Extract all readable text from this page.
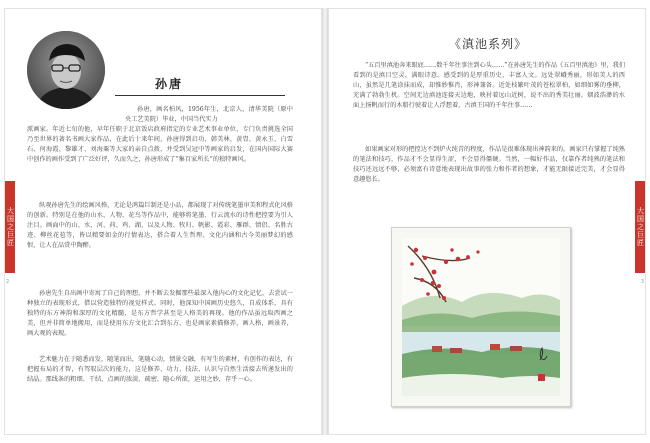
大国之巨匠
2
孙唐
孙唐，画名柏风，1956年生，北京人，清华美院（原中央工艺美院）毕业，中国当代实力
派画家。年近七旬的他，早年任职于北京饭店政府指定的专业艺术事业单位，专门负责挑选全国乃至世界的著名书画大家作品，在此后十来年间，孙唐得到启功、韩美林、黄胄、黄永玉、白雪石、何海霞、黎雄才、刘海粟等大家的亲自点拨，并受到吴冠中等画家的启发，在国内国际大赛中创作的画作受到了广泛好评，久而久之，孙唐形成了“集百家所长”的独特画风。
纵观孙唐先生的绘画风格，无论是鸿篇巨制还是小品，都展现了对传统笔墨审美和程式化风格的创新。特别是在他的山水、人物、花鸟等作品中，能够将笔墨、行云流水的诗性把控要为引人注目。画面中的山、水、河、荷、鸡、湖，以及人物、牧归、帆影、霞彩、雁群、情侣、名胜古迹、柳丝花苞等，皆以精要如金的行情表达，搭合着人生哲理、文化内涵和古今美丽梦幻的感恨，让人在品赏中陶醉。
孙唐先生自出画中寄寓了自己的理想，并不断去发掘那些最深入他内心的文化记忆，去尝试一种独立的表现形式，借以营造独特的视觉样式。同时，他深知中国画历史悠久，自成体系，具有独特的东方神韵和深厚的文化精髓，是东方哲学甚至是人格美的再现。他的作品虽远取西画之美，但并非简单地搬用，而是使用东方文化汇合到东方，也是画家素描修养，画人格，画景养，画大观的表现。
艺术魅力在于随悉而发，随笔而出，笔随心动，情景交融，有写生的素材，有创作的表达，有把握布局的才智，有驾驭层次的能力，这是修养、功力、技法、认识与自然生活接去所递发出的结晶。那线条的粗细、干结、点画的浓淡、疏密，随心所欲，运用之妙，存乎一心。
大国之巨匠
3
《滇池系列》
“五百里滇池奔来眼底……数千年往事注到心头……”在孙唐先生的作品《五百里滇池》里，我们看到的是滇目空灵，满眼诗意。感受到的是厚重历史，丰富人文。远处翠峨秀丽，形如美人的西山，虽然是几笔涂抹而成，却惟妙惟肖，形神兼备。近处枝繁叶茂的苍松翠柏，如细如雾的垂柳，充满了勃勃生机。空间无边滇池连接天边地，映衬着远山近树，说不出的秀美壮丽。烟波浩渺的水面上扬帆而行的木船行驶着让人浮想着，古滇王国的千年往事……
如果画家对形的把控达不到炉火纯青的程度，作品是很难体现出神韵来的。画家只有掌握了纯熟的笔法和技巧，作品才不会显得生涩，不会显得僵硬。当然，一幅好作品，仅靠作者纯熟的笔法和技巧还远远不够，必须富有诗意地表现出故事的张力和作者的想象，才能无限接近完美，才会显得意趣悠长。
